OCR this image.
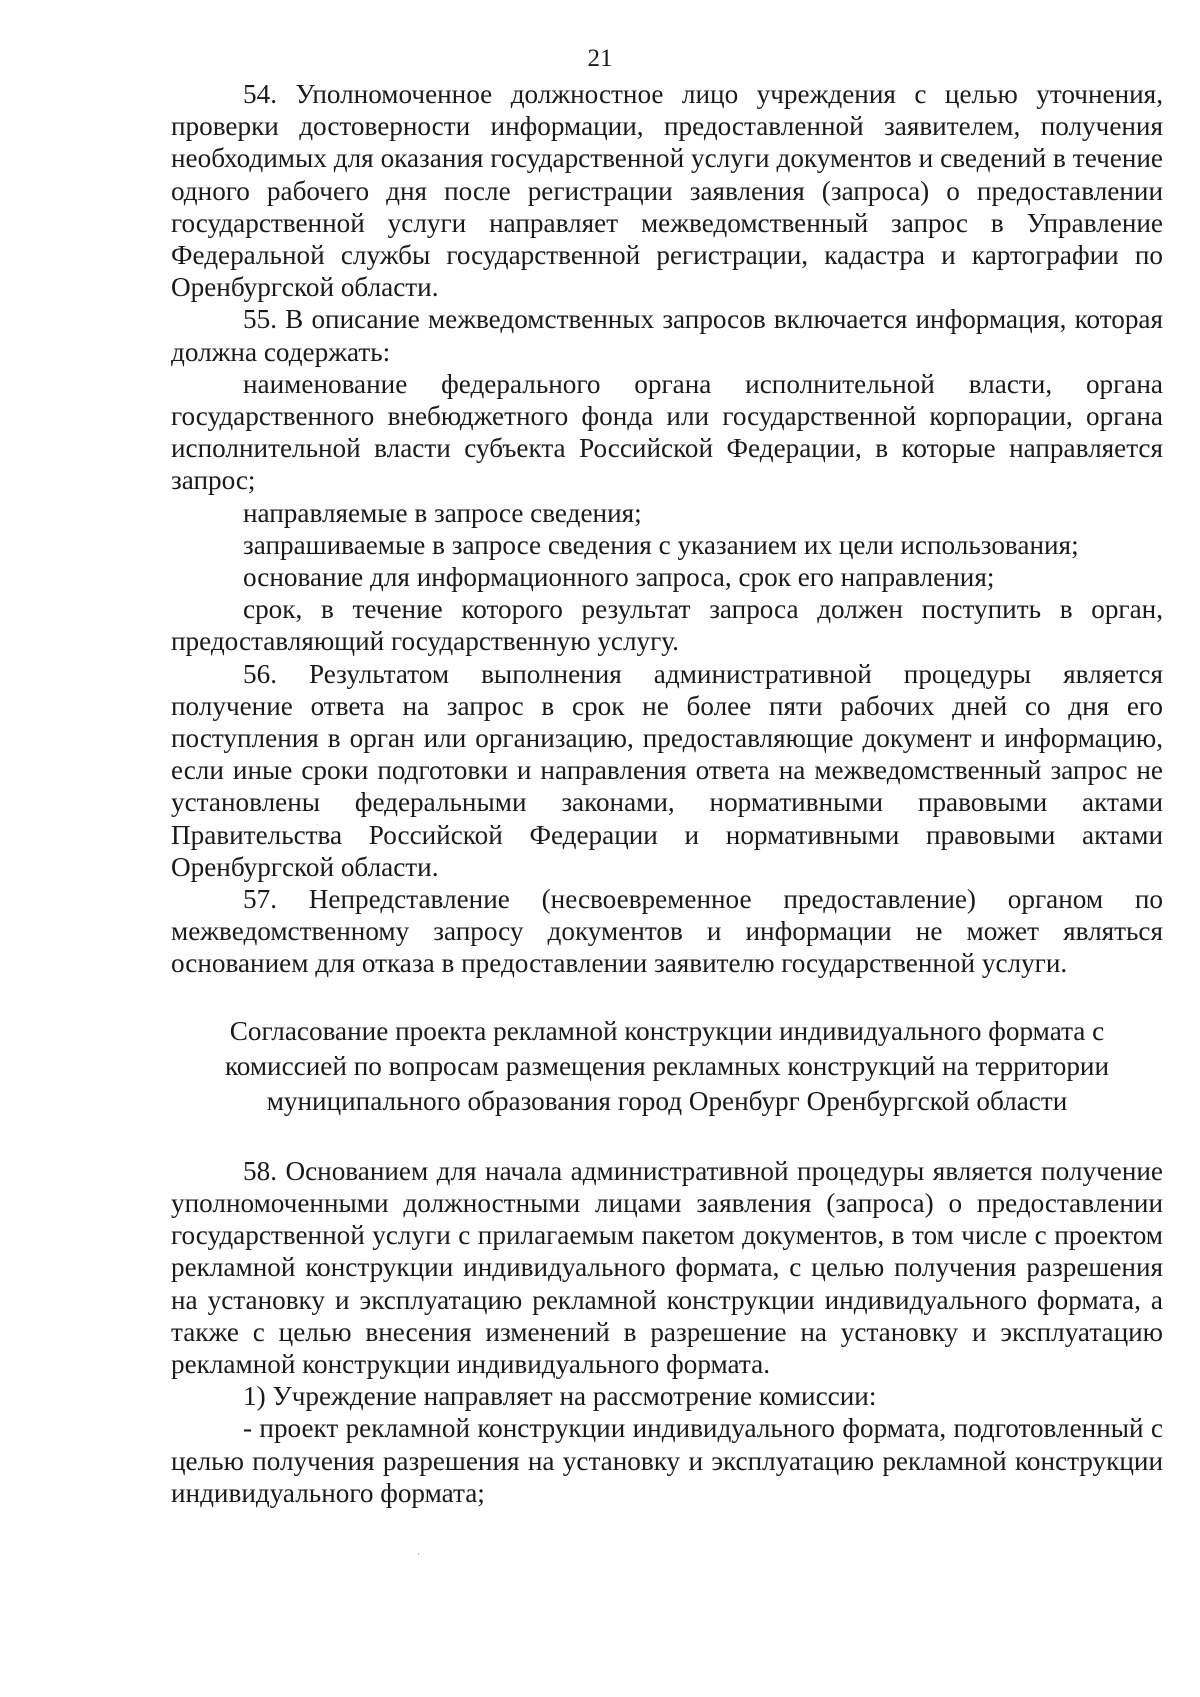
21

54. Уполномоченное должностное лицо учреждения с целью уточнения, проверки достоверности информации, предоставленной заявителем, получения необходимых для оказания государственной услуги документов и сведений в течение одного рабочего дня после регистрации заявления (запроса) о предоставлении государственной услуги направляет межведомственный запрос в Управление Федеральной службы государственной регистрации, кадастра и картографии по Оренбургской области.

55. В описание межведомственных запросов включается информация, которая должна содержать:

наименование федерального органа исполнительной власти, органа государственного внебюджетного фонда или государственной корпорации, органа исполнительной власти субъекта Российской Федерации, в которые направляется запрос;

направляемые в запросе сведения;

запрашиваемые в запросе сведения с указанием их цели использования;

основание для информационного запроса, срок его направления;

срок, в течение которого результат запроса должен поступить в орган, предоставляющий государственную услугу.

56. Результатом выполнения административной процедуры является получение ответа на запрос в срок не более пяти рабочих дней со дня его поступления в орган или организацию, предоставляющие документ и информацию, если иные сроки подготовки и направления ответа на межведомственный запрос не установлены федеральными законами, нормативными правовыми актами Правительства Российской Федерации и нормативными правовыми актами Оренбургской области.

57. Непредставление (несвоевременное предоставление) органом по межведомственному запросу документов и информации не может являться основанием для отказа в предоставлении заявителю государственной услуги.

Согласование проекта рекламной конструкции индивидуального формата с
комиссией по вопросам размещения рекламных конструкций на территории
муниципального образования город Оренбург Оренбургской области

58. Основанием для начала административной процедуры является получение уполномоченными должностными лицами заявления (запроса) о предоставлении государственной услуги с прилагаемым пакетом документов, в том числе с проектом рекламной конструкции индивидуального формата, с целью получения разрешения на установку и эксплуатацию рекламной конструкции индивидуального формата, а также с целью внесения изменений в разрешение на установку и эксплуатацию рекламной конструкции индивидуального формата.

1) Учреждение направляет на рассмотрение комиссии:

- проект рекламной конструкции индивидуального формата, подготовленный с целью получения разрешения на установку и эксплуатацию рекламной конструкции индивидуального формата;
